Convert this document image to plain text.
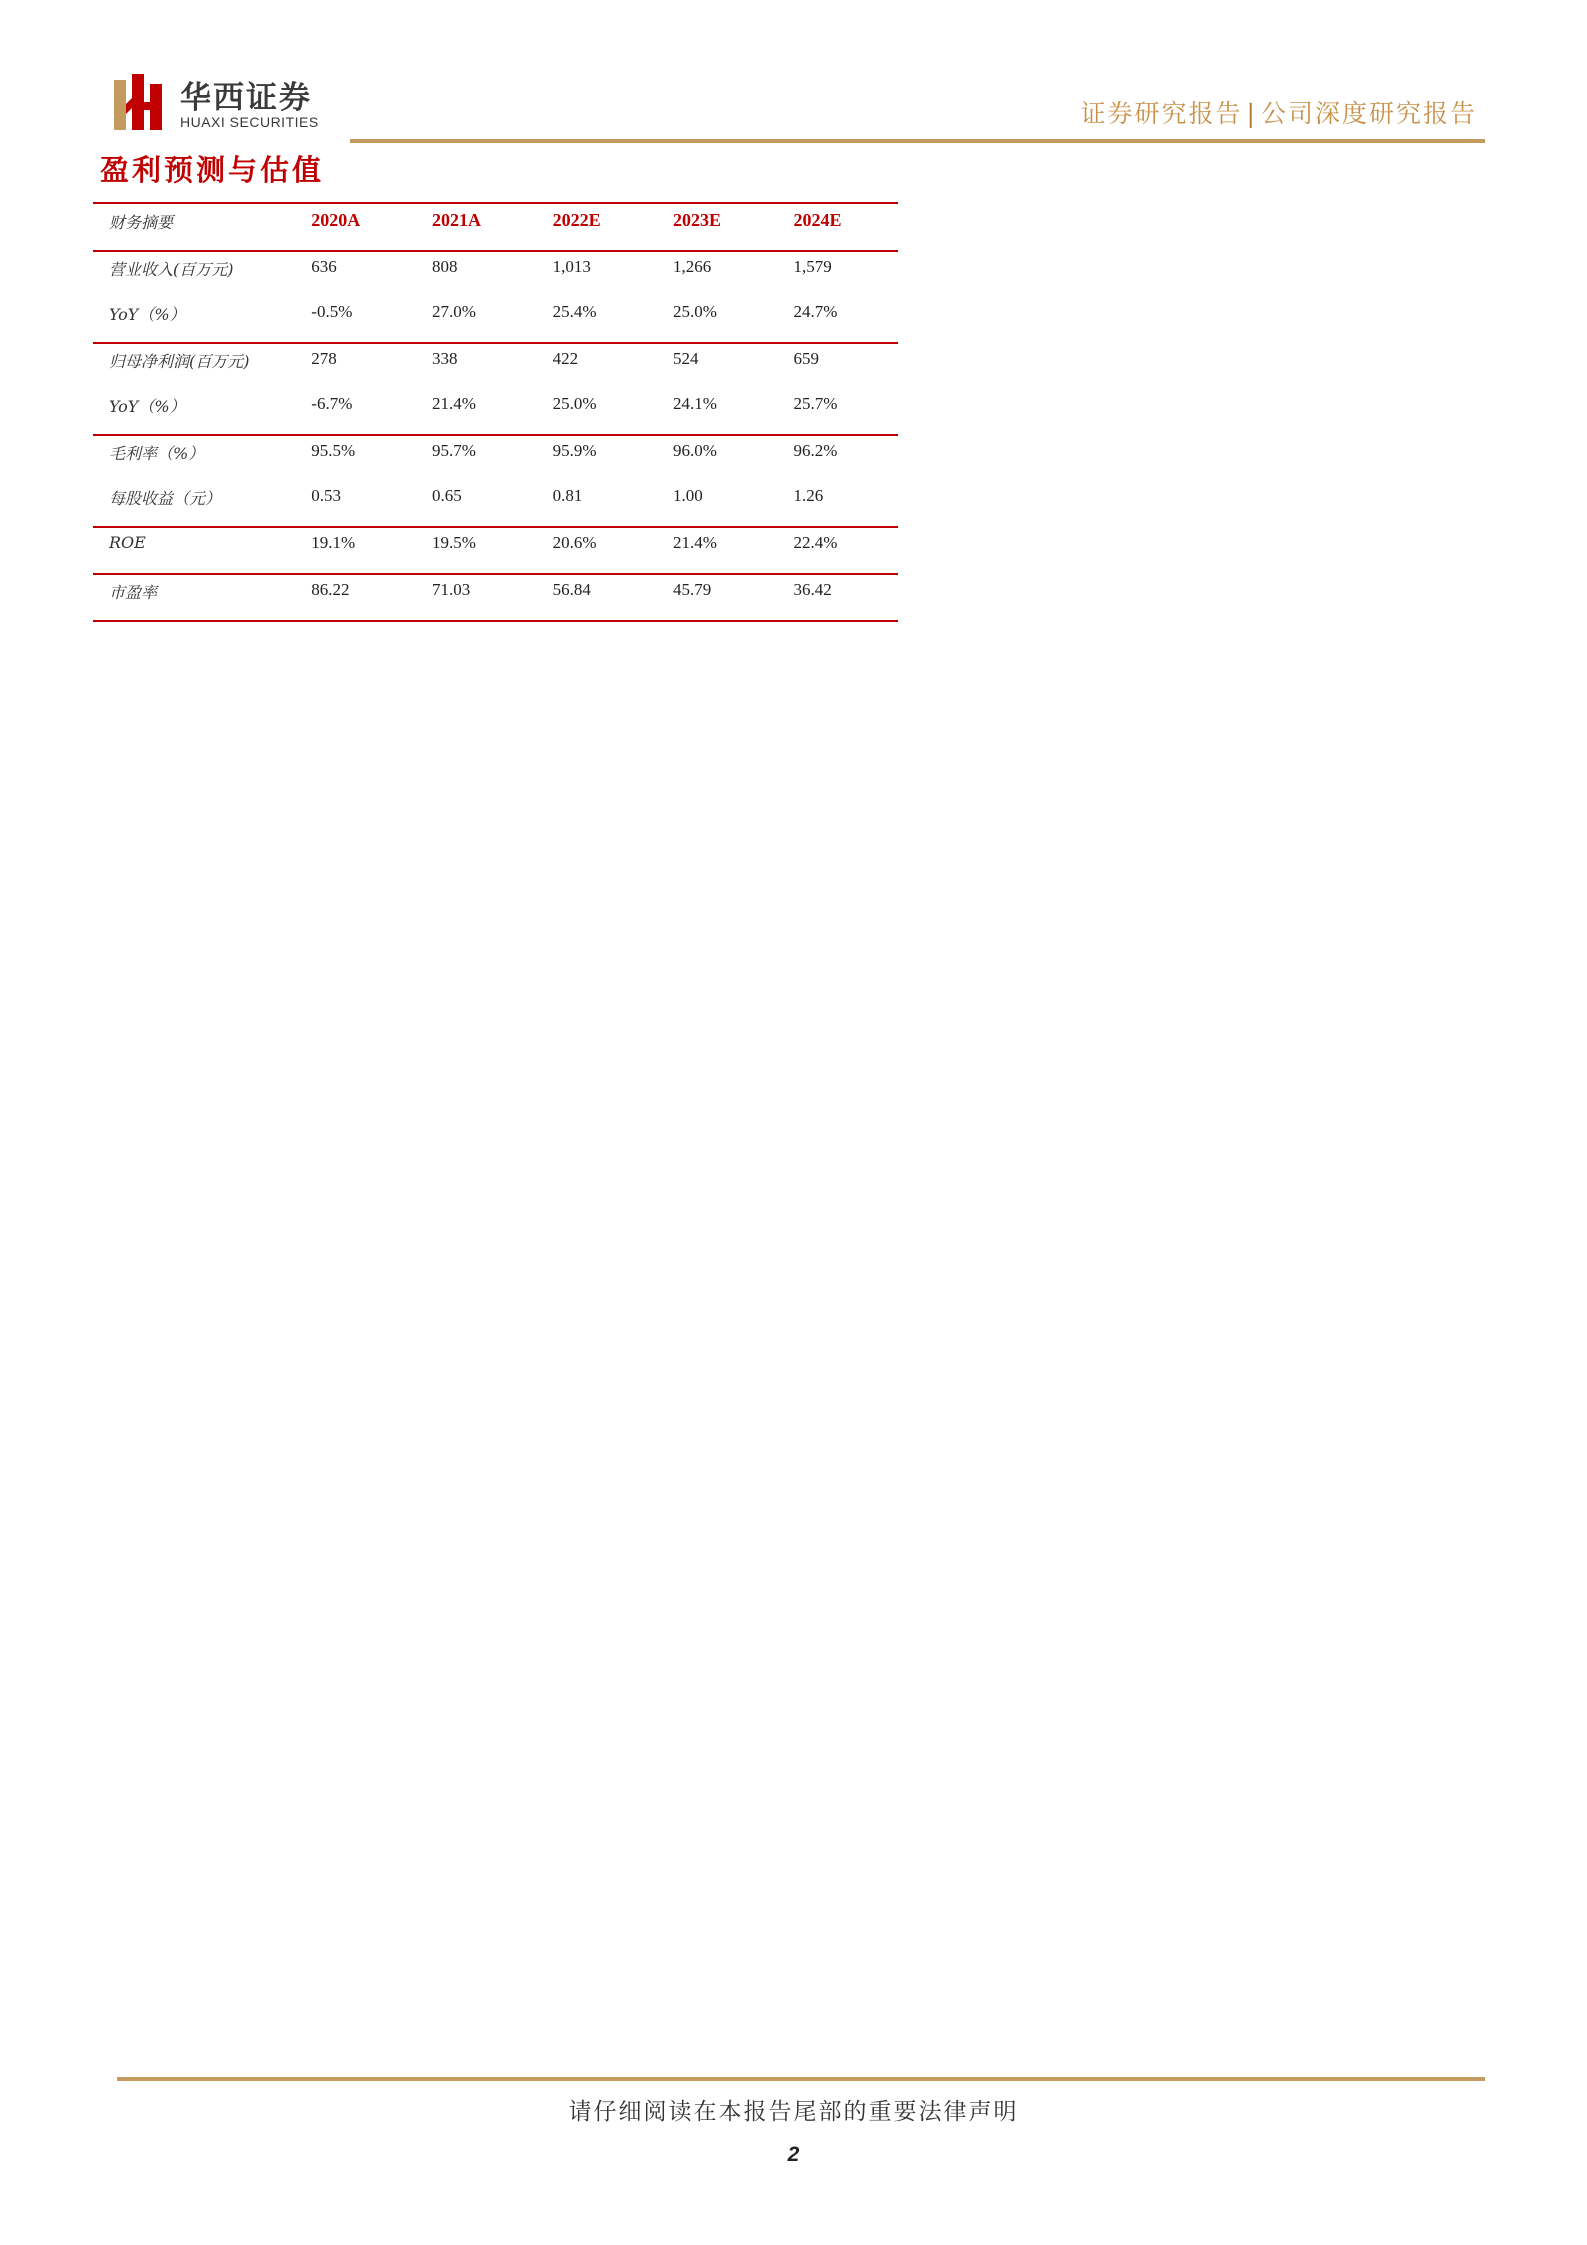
华西证券
HUAXI SECURITIES	证券研究报告 | 公司深度研究报告
盈利预测与估值
财务摘要	2020A	2021A	2022E	2023E	2024E
营业收入(百万元)	636	808	1,013	1,266	1,579
YoY（%）	-0.5%	27.0%	25.4%	25.0%	24.7%
归母净利润(百万元)	278	338	422	524	659
YoY（%）	-6.7%	21.4%	25.0%	24.1%	25.7%
毛利率（%）	95.5%	95.7%	95.9%	96.0%	96.2%
每股收益（元）	0.53	0.65	0.81	1.00	1.26
ROE	19.1%	19.5%	20.6%	21.4%	22.4%
市盈率	86.22	71.03	56.84	45.79	36.42
请仔细阅读在本报告尾部的重要法律声明
2
